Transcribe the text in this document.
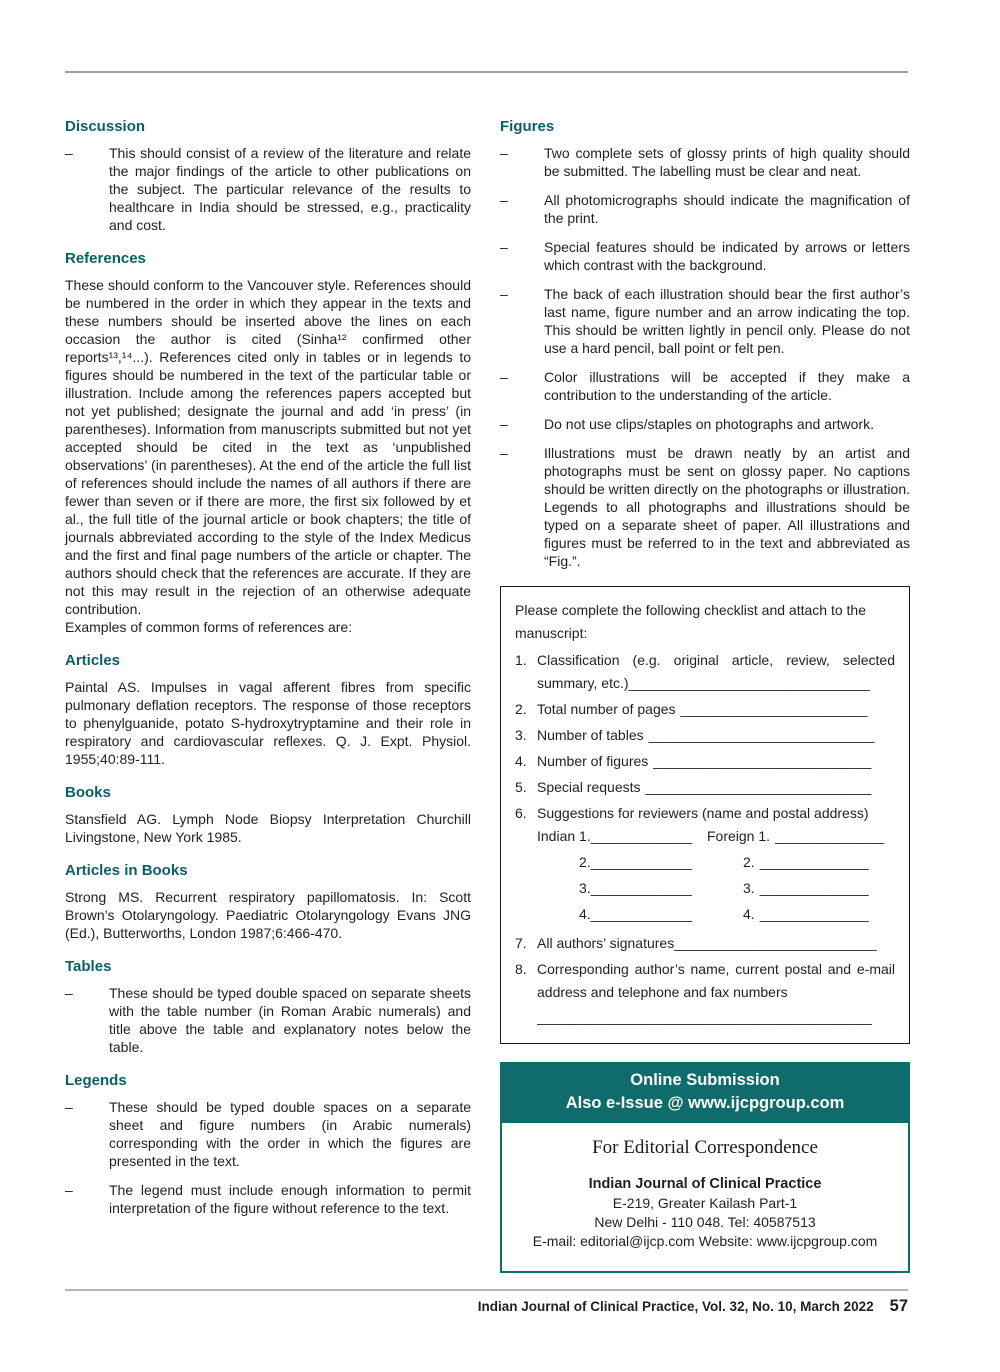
Discussion
–	This should consist of a review of the literature and relate the major findings of the article to other publications on the subject. The particular relevance of the results to healthcare in India should be stressed, e.g., practicality and cost.
References

These should conform to the Vancouver style. References should be numbered in the order in which they appear in the texts and these numbers should be inserted above the lines on each occasion the author is cited (Sinha¹² confirmed other reports¹³,¹⁴...). References cited only in tables or in legends to figures should be numbered in the text of the particular table or illustration. Include among the references papers accepted but not yet published; designate the journal and add ‘in press’ (in parentheses). Information from manuscripts submitted but not yet accepted should be cited in the text as ‘unpublished observations’ (in parentheses). At the end of the article the full list of references should include the names of all authors if there are fewer than seven or if there are more, the first six followed by et al., the full title of the journal article or book chapters; the title of journals abbreviated according to the style of the Index Medicus and the first and final page numbers of the article or chapter. The authors should check that the references are accurate. If they are not this may result in the rejection of an otherwise adequate contribution.

Examples of common forms of references are:

Articles

Paintal AS. Impulses in vagal afferent fibres from specific pulmonary deflation receptors. The response of those receptors to phenylguanide, potato S-hydroxytryptamine and their role in respiratory and cardiovascular reflexes. Q. J. Expt. Physiol. 1955;40:89-111.

Books

Stansfield AG. Lymph Node Biopsy Interpretation Churchill Livingstone, New York 1985.

Articles in Books

Strong MS. Recurrent respiratory papillomatosis. In: Scott Brown’s Otolaryngology. Paediatric Otolaryngology Evans JNG (Ed.), Butterworths, London 1987;6:466-470.

Tables
–	These should be typed double spaced on separate sheets with the table number (in Roman Arabic numerals) and title above the table and explanatory notes below the table.
Legends
–	These should be typed double spaces on a separate sheet and figure numbers (in Arabic numerals) corresponding with the order in which the figures are presented in the text.
–	The legend must include enough information to permit interpretation of the figure without reference to the text.
Figures
–	Two complete sets of glossy prints of high quality should be submitted. The labelling must be clear and neat.
–	All photomicrographs should indicate the magnification of the print.
–	Special features should be indicated by arrows or letters which contrast with the background.
–	The back of each illustration should bear the first author’s last name, figure number and an arrow indicating the top. This should be written lightly in pencil only. Please do not use a hard pencil, ball point or felt pen.
–	Color illustrations will be accepted if they make a contribution to the understanding of the article.
–	Do not use clips/staples on photographs and artwork.
–	Illustrations must be drawn neatly by an artist and photographs must be sent on glossy paper. No captions should be written directly on the photographs or illustration. Legends to all photographs and illustrations should be typed on a separate sheet of paper. All illustrations and figures must be referred to in the text and abbreviated as “Fig.”.
Please complete the following checklist and attach to the manuscript:
1. Classification (e.g. original article, review, selected summary, etc.)_______________________________
2. Total number of pages ________________________
3. Number of tables _____________________________
4. Number of figures ____________________________
5. Special requests _____________________________
6. Suggestions for reviewers (name and postal address)
Indian 1. _____________ Foreign 1. ______________
2. _____________	2. ______________
3. _____________	3. ______________
4. _____________	4. ______________
7. All authors’ signatures__________________________
8. Corresponding author’s name, current postal and e-mail address and telephone and fax numbers
___________________________________________
Online Submission
Also e-Issue @ www.ijcpgroup.com
For Editorial Correspondence
Indian Journal of Clinical Practice
E-219, Greater Kailash Part-1
New Delhi - 110 048. Tel: 40587513
E-mail: editorial@ijcp.com Website: www.ijcpgroup.com
Indian Journal of Clinical Practice, Vol. 32, No. 10, March 2022 57
